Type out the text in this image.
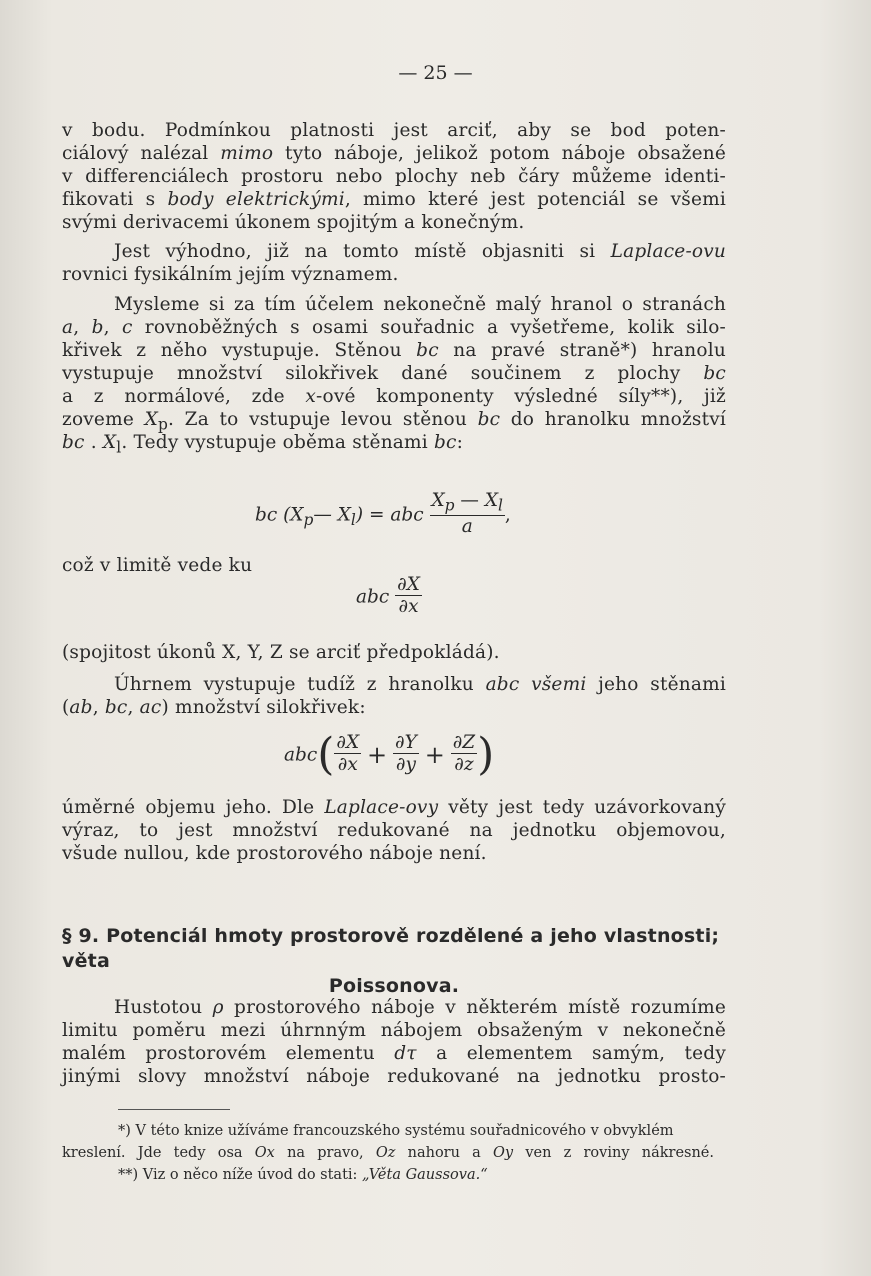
— 25 —

v bodu. Podmínkou platnosti jest arciť, aby se bod poten-

ciálový nalézal mimo tyto náboje, jelikož potom náboje obsažené

v differenciálech prostoru nebo plochy neb čáry můžeme identi-

fikovati s body elektrickými, mimo které jest potenciál se všemi

svými derivacemi úkonem spojitým a konečným.

Jest výhodno, již na tomto místě objasniti si Laplace-ovu

rovnici fysikálním jejím významem.

Mysleme si za tím účelem nekonečně malý hranol o stranách

a, b, c rovnoběžných s osami souřadnic a vyšetřeme, kolik silo-

křivek z něho vystupuje. Stěnou bc na pravé straně*) hranolu

vystupuje množství silokřivek dané součinem z plochy bc

a z normálové, zde x-ové komponenty výsledné síly**), již

zoveme $X_p$. Za to vstupuje levou stěnou bc do hranolku množství

bc . $X_l$. Tedy vystupuje oběma stěnami bc:

bc ($X_p—$ $X_l$) = abc $\frac{X_p — X_l}{a}$ ,

což v limitě vede ku

abc $\frac{\partial X}{\partial x}$

(spojitost úkonů X, Y, Z se arciť předpokládá).

Úhrnem vystupuje tudíž z hranolku abc všemi jeho stěnami

(ab, bc, ac) množství silokřivek:

$abc( \frac{\partial X}{\partial x} + \frac{\partial Y}{\partial y} + \frac{\partial Z}{\partial z}$ )

úměrné objemu jeho. Dle Laplace-ovy věty jest tedy uzávorkovaný

výraz, to jest množství redukované na jednotku objemovou,

všude nullou, kde prostorového náboje není.

§ 9. Potenciál hmoty prostorově rozdělené a jeho vlastnosti; věta
Poissonova.

Hustotou ρ prostorového náboje v některém místě rozumíme

limitu poměru mezi úhrnným nábojem obsaženým v nekonečně

malém prostorovém elementu dτ a elementem samým, tedy

jinými slovy množství náboje redukované na jednotku prosto-

*) V této knize užíváme francouzského systému souřadnicového v obvyklém

kreslení. Jde tedy osa Ox na pravo, Oz nahoru a Oy ven z roviny nákresné.

**) Viz o něco níže úvod do stati: „Věta Gaussova.“
